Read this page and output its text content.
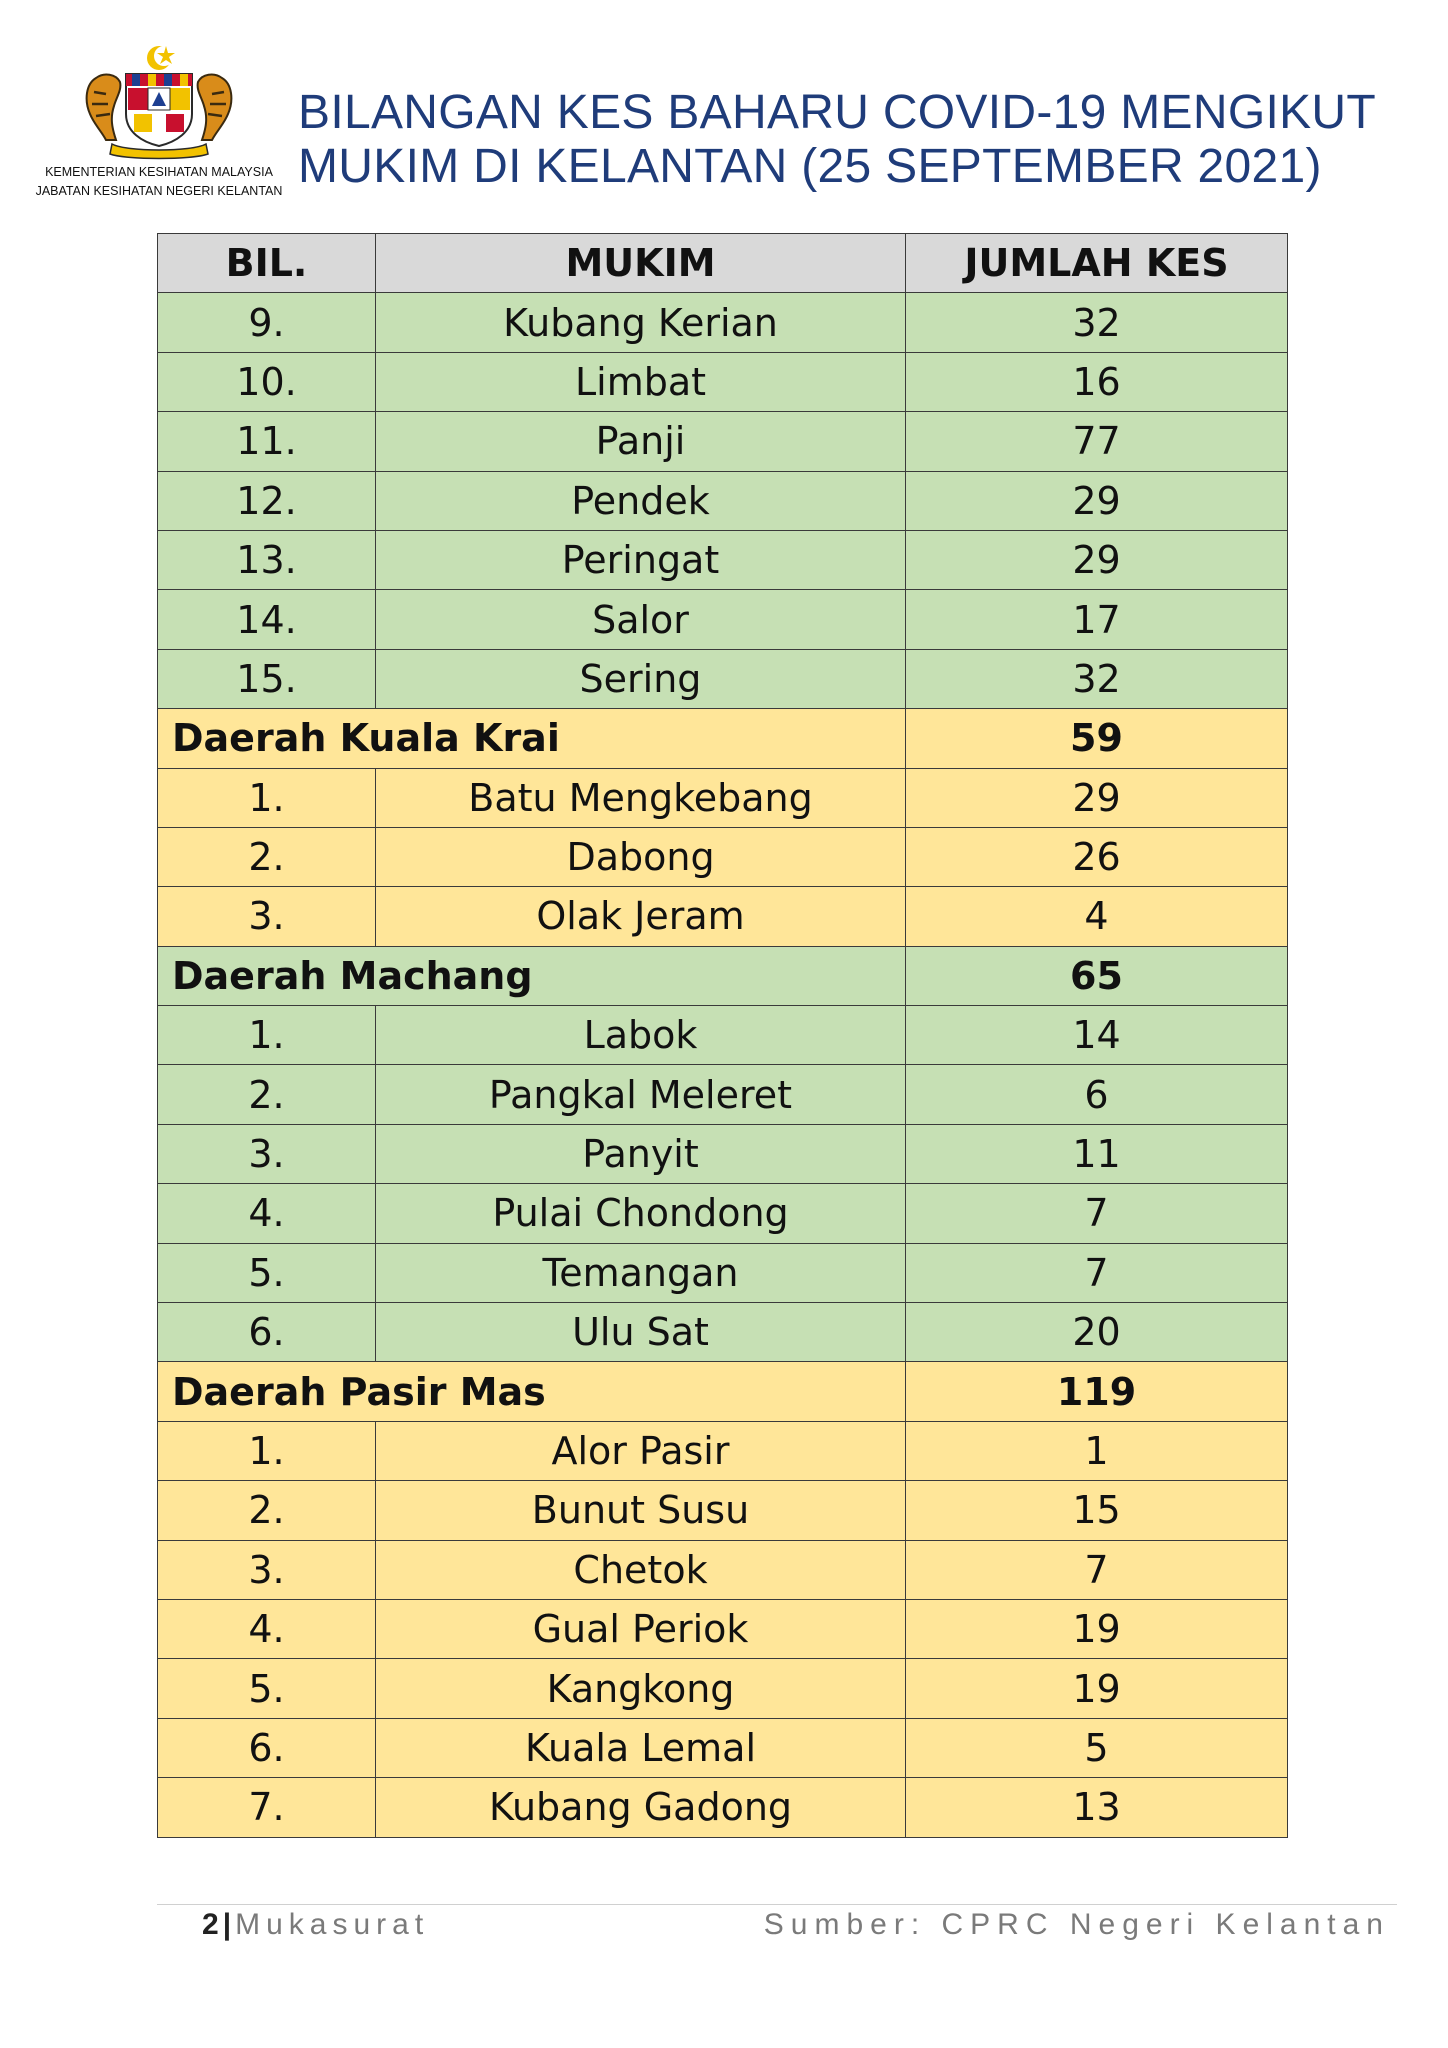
KEMENTERIAN KESIHATAN MALAYSIA
JABATAN KESIHATAN NEGERI KELANTAN
BILANGAN KES BAHARU COVID-19 MENGIKUT
MUKIM DI KELANTAN (25 SEPTEMBER 2021)
BIL.	MUKIM	JUMLAH KES
9.	Kubang Kerian	32
10.	Limbat	16
11.	Panji	77
12.	Pendek	29
13.	Peringat	29
14.	Salor	17
15.	Sering	32
Daerah Kuala Krai		59
1.	Batu Mengkebang	29
2.	Dabong	26
3.	Olak Jeram	4
Daerah Machang		65
1.	Labok	14
2.	Pangkal Meleret	6
3.	Panyit	11
4.	Pulai Chondong	7
5.	Temangan	7
6.	Ulu Sat	20
Daerah Pasir Mas		119
1.	Alor Pasir	1
2.	Bunut Susu	15
3.	Chetok	7
4.	Gual Periok	19
5.	Kangkong	19
6.	Kuala Lemal	5
7.	Kubang Gadong	13
2 | Mukasurat	Sumber: CPRC Negeri Kelantan
